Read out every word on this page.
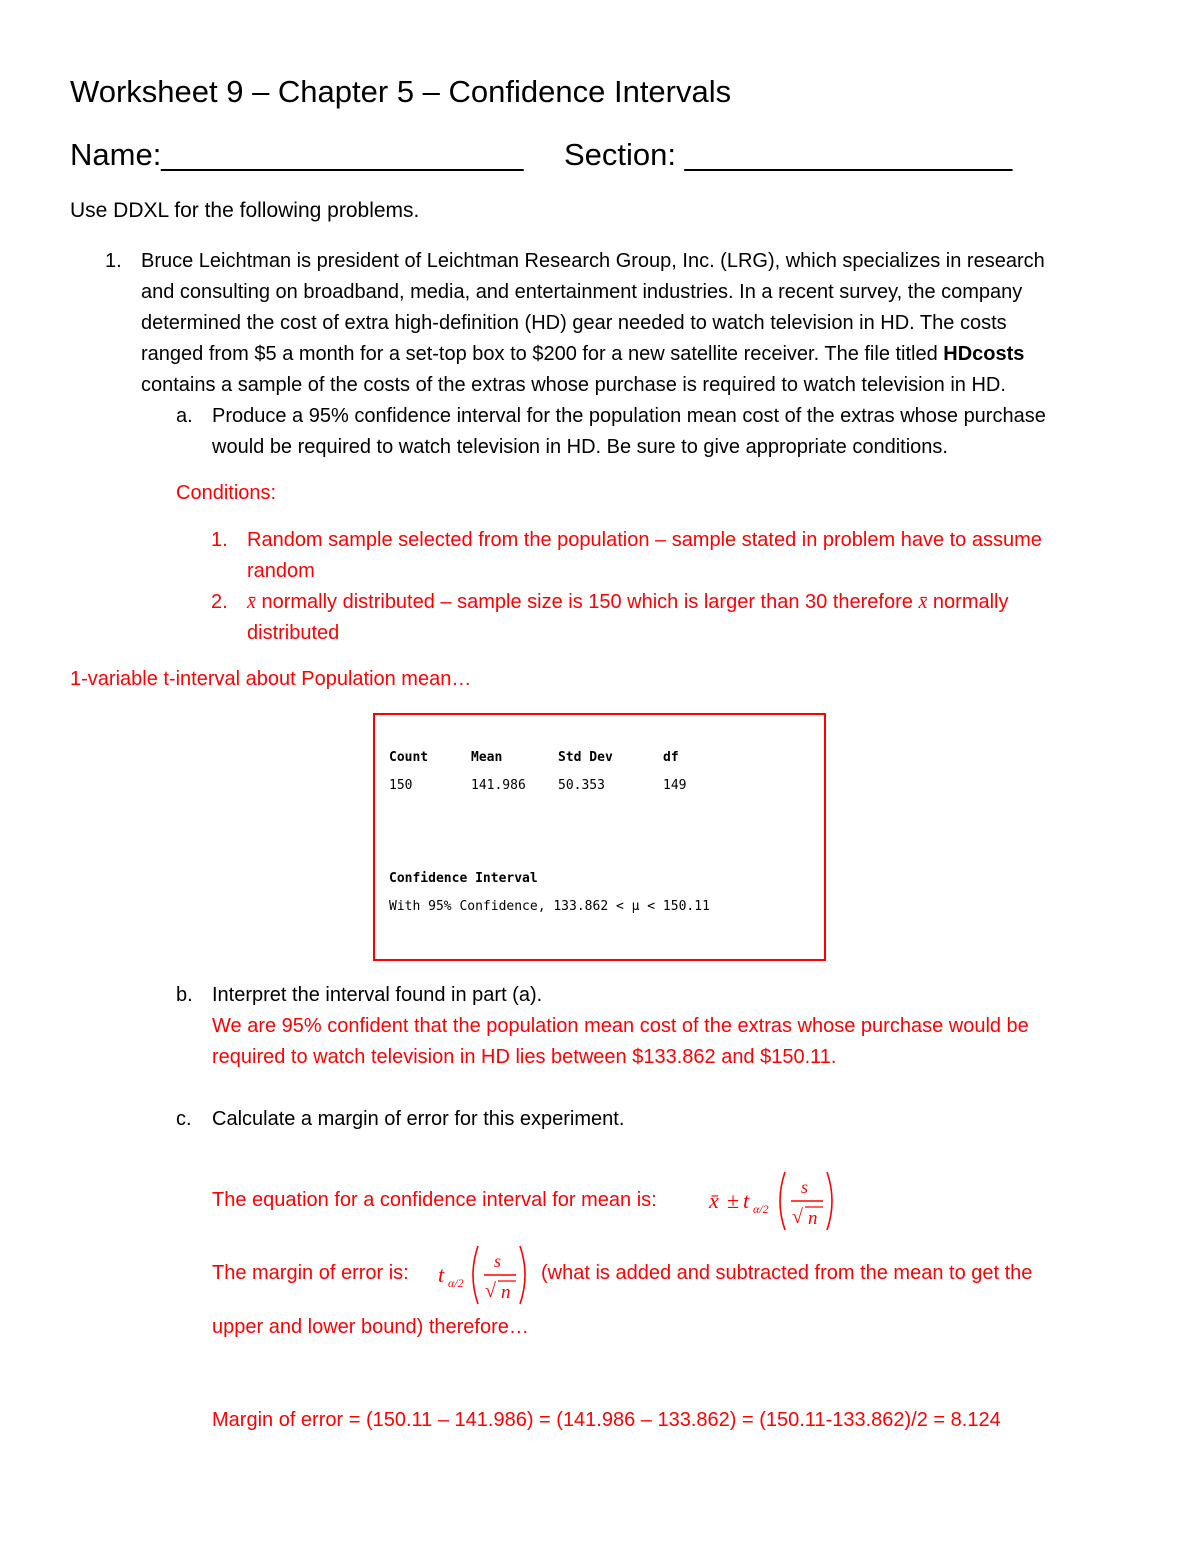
Worksheet 9 – Chapter 5 – Confidence Intervals
Name:_____________________ Section: ___________________
Use DDXL for the following problems.
1. Bruce Leichtman is president of Leichtman Research Group, Inc. (LRG), which specializes in research
and consulting on broadband, media, and entertainment industries. In a recent survey, the company
determined the cost of extra high-definition (HD) gear needed to watch television in HD. The costs
ranged from $5 a month for a set-top box to $200 for a new satellite receiver. The file titled HDcosts
contains a sample of the costs of the extras whose purchase is required to watch television in HD.
a. Produce a 95% confidence interval for the population mean cost of the extras whose purchase
would be required to watch television in HD. Be sure to give appropriate conditions.
Conditions:
1. Random sample selected from the population – sample stated in problem have to assume
random
2. x̄ normally distributed – sample size is 150 which is larger than 30 therefore x̄ normally
distributed
1-variable t-interval about Population mean…
Count	Mean	Std Dev	df
150	141.986 50.353	149
Confidence Interval
With 95% Confidence, 133.862 < μ < 150.11
b. Interpret the interval found in part (a).
We are 95% confident that the population mean cost of the extras whose purchase would be
required to watch television in HD lies between $133.862 and $150.11.
c. Calculate a margin of error for this experiment.
The equation for a confidence interval for mean is: x̄ ± t α/2
s
√ n
The margin of error is: t α/2
s
√ n
(what is added and subtracted from the mean to get the
upper and lower bound) therefore…
Margin of error = (150.11 – 141.986) = (141.986 – 133.862) = (150.11-133.862)/2 = 8.124
